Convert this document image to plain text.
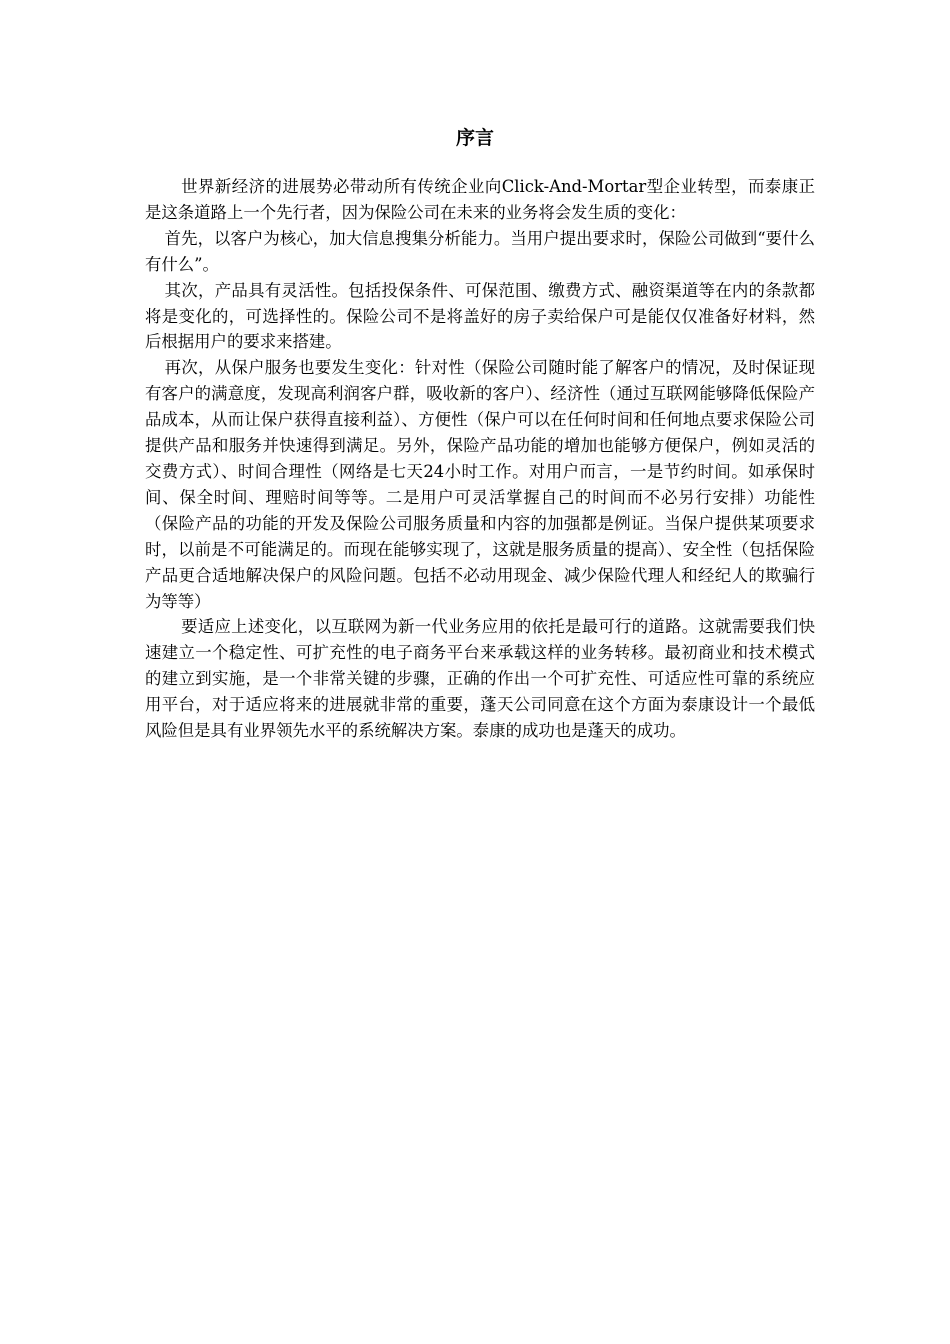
序言

世界新经济的进展势必带动所有传统企业向Click-And-Mortar型企业转型，而泰康正是这条道路上一个先行者，因为保险公司在未来的业务将会发生质的变化：

首先，以客户为核心，加大信息搜集分析能力。当用户提出要求时，保险公司做到“要什么有什么”。

其次，产品具有灵活性。包括投保条件、可保范围、缴费方式、融资渠道等在内的条款都将是变化的，可选择性的。保险公司不是将盖好的房子卖给保户可是能仅仅准备好材料，然后根据用户的要求来搭建。

再次，从保户服务也要发生变化：针对性（保险公司随时能了解客户的情况，及时保证现有客户的满意度，发现高利润客户群，吸收新的客户）、经济性（通过互联网能够降低保险产品成本，从而让保户获得直接利益）、方便性（保户可以在任何时间和任何地点要求保险公司提供产品和服务并快速得到满足。另外，保险产品功能的增加也能够方便保户，例如灵活的交费方式）、时间合理性（网络是七天24小时工作。对用户而言，一是节约时间。如承保时间、保全时间、理赔时间等等。二是用户可灵活掌握自己的时间而不必另行安排）功能性（保险产品的功能的开发及保险公司服务质量和内容的加强都是例证。当保户提供某项要求时，以前是不可能满足的。而现在能够实现了，这就是服务质量的提高）、安全性（包括保险产品更合适地解决保户的风险问题。包括不必动用现金、减少保险代理人和经纪人的欺骗行为等等）

要适应上述变化，以互联网为新一代业务应用的依托是最可行的道路。这就需要我们快速建立一个稳定性、可扩充性的电子商务平台来承载这样的业务转移。最初商业和技术模式的建立到实施，是一个非常关键的步骤，正确的作出一个可扩充性、可适应性可靠的系统应用平台，对于适应将来的进展就非常的重要，蓬天公司同意在这个方面为泰康设计一个最低风险但是具有业界领先水平的系统解决方案。泰康的成功也是蓬天的成功。
